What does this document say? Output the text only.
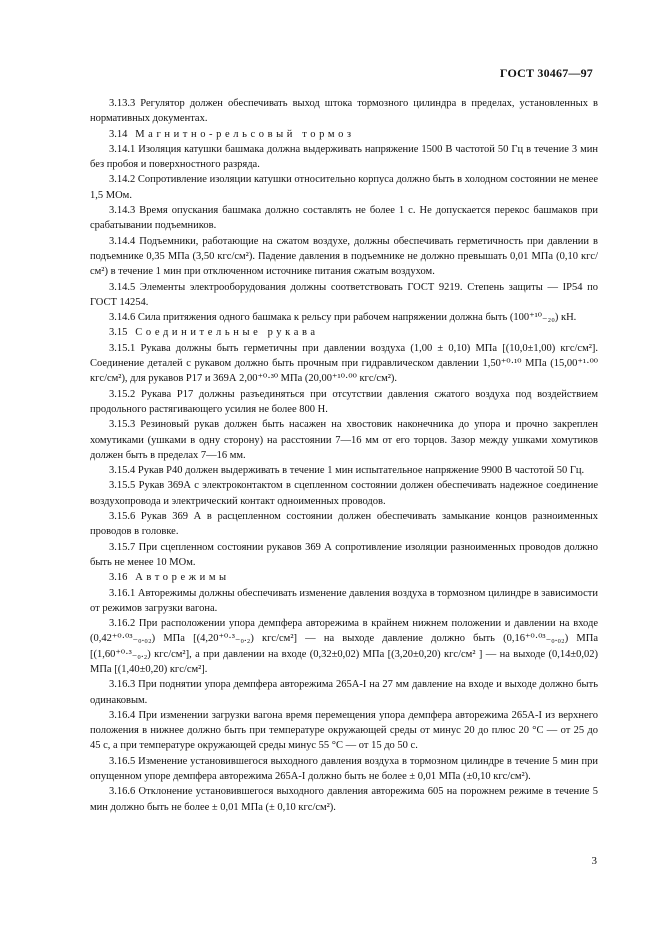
ГОСТ 30467—97

3.13.3 Регулятор должен обеспечивать выход штока тормозного цилиндра в пределах, установленных в нормативных документах.

3.14 Магнитно-рельсовый тормоз

3.14.1 Изоляция катушки башмака должна выдерживать напряжение 1500 В частотой 50 Гц в течение 3 мин без пробоя и поверхностного разряда.

3.14.2 Сопротивление изоляции катушки относительно корпуса должно быть в холодном состоянии не менее 1,5 МОм.

3.14.3 Время опускания башмака должно составлять не более 1 с. Не допускается перекос башмаков при срабатывании подъемников.

3.14.4 Подъемники, работающие на сжатом воздухе, должны обеспечивать герметичность при давлении в подъемнике 0,35 МПа (3,50 кгс/см²). Падение давления в подъемнике не должно превышать 0,01 МПа (0,10 кгс/см²) в течение 1 мин при отключенном источнике питания сжатым воздухом.

3.14.5 Элементы электрооборудования должны соответствовать ГОСТ 9219. Степень защиты — IP54 по ГОСТ 14254.

3.14.6 Сила притяжения одного башмака к рельсу при рабочем напряжении должна быть (100⁺¹⁰₋₂₀) кН.

3.15 Соединительные рукава

3.15.1 Рукава должны быть герметичны при давлении воздуха (1,00 ± 0,10) МПа [(10,0±1,00) кгс/см²]. Соединение деталей с рукавом должно быть прочным при гидравлическом давлении 1,50⁺⁰·¹⁰ МПа (15,00⁺¹·⁰⁰ кгс/см²), для рукавов Р17 и 369А 2,00⁺⁰·³⁰ МПа (20,00⁺¹⁰·⁰⁰ кгс/см²).

3.15.2 Рукава Р17 должны разъединяться при отсутствии давления сжатого воздуха под воздействием продольного растягивающего усилия не более 800 Н.

3.15.3 Резиновый рукав должен быть насажен на хвостовик наконечника до упора и прочно закреплен хомутиками (ушками в одну сторону) на расстоянии 7—16 мм от его торцов. Зазор между ушками хомутиков должен быть в пределах 7—16 мм.

3.15.4 Рукав Р40 должен выдерживать в течение 1 мин испытательное напряжение 9900 В частотой 50 Гц.

3.15.5 Рукав 369А с электроконтактом в сцепленном состоянии должен обеспечивать надежное соединение воздухопровода и электрический контакт одноименных проводов.

3.15.6 Рукав 369 А в расцепленном состоянии должен обеспечивать замыкание концов разноименных проводов в головке.

3.15.7 При сцепленном состоянии рукавов 369 А сопротивление изоляции разноименных проводов должно быть не менее 10 МОм.

3.16 Авторежимы

3.16.1 Авторежимы должны обеспечивать изменение давления воздуха в тормозном цилиндре в зависимости от режимов загрузки вагона.

3.16.2 При расположении упора демпфера авторежима в крайнем нижнем положении и давлении на входе (0,42⁺⁰·⁰³₋₀.₀₂) МПа [(4,20⁺⁰·³₋₀.₂) кгс/см²] — на выходе давление должно быть (0,16⁺⁰·⁰³₋₀.₀₂) МПа [(1,60⁺⁰·³₋₀.₂) кгс/см²], а при давлении на входе (0,32±0,02) МПа [(3,20±0,20) кгс/см² ] — на выходе (0,14±0,02) МПа [(1,40±0,20) кгс/см²].

3.16.3 При поднятии упора демпфера авторежима 265А-I на 27 мм давление на входе и выходе должно быть одинаковым.

3.16.4 При изменении загрузки вагона время перемещения упора демпфера авторежима 265А-I из верхнего положения в нижнее должно быть при температуре окружающей среды от минус 20 до плюс 20 °С — от 25 до 45 с, а при температуре окружающей среды минус 55 °С — от 15 до 50 с.

3.16.5 Изменение установившегося выходного давления воздуха в тормозном цилиндре в течение 5 мин при опущенном упоре демпфера авторежима 265А-I должно быть не более ± 0,01 МПа (±0,10 кгс/см²).

3.16.6 Отклонение установившегося выходного давления авторежима 605 на порожнем режиме в течение 5 мин должно быть не более ± 0,01 МПа (± 0,10 кгс/см²).

3
